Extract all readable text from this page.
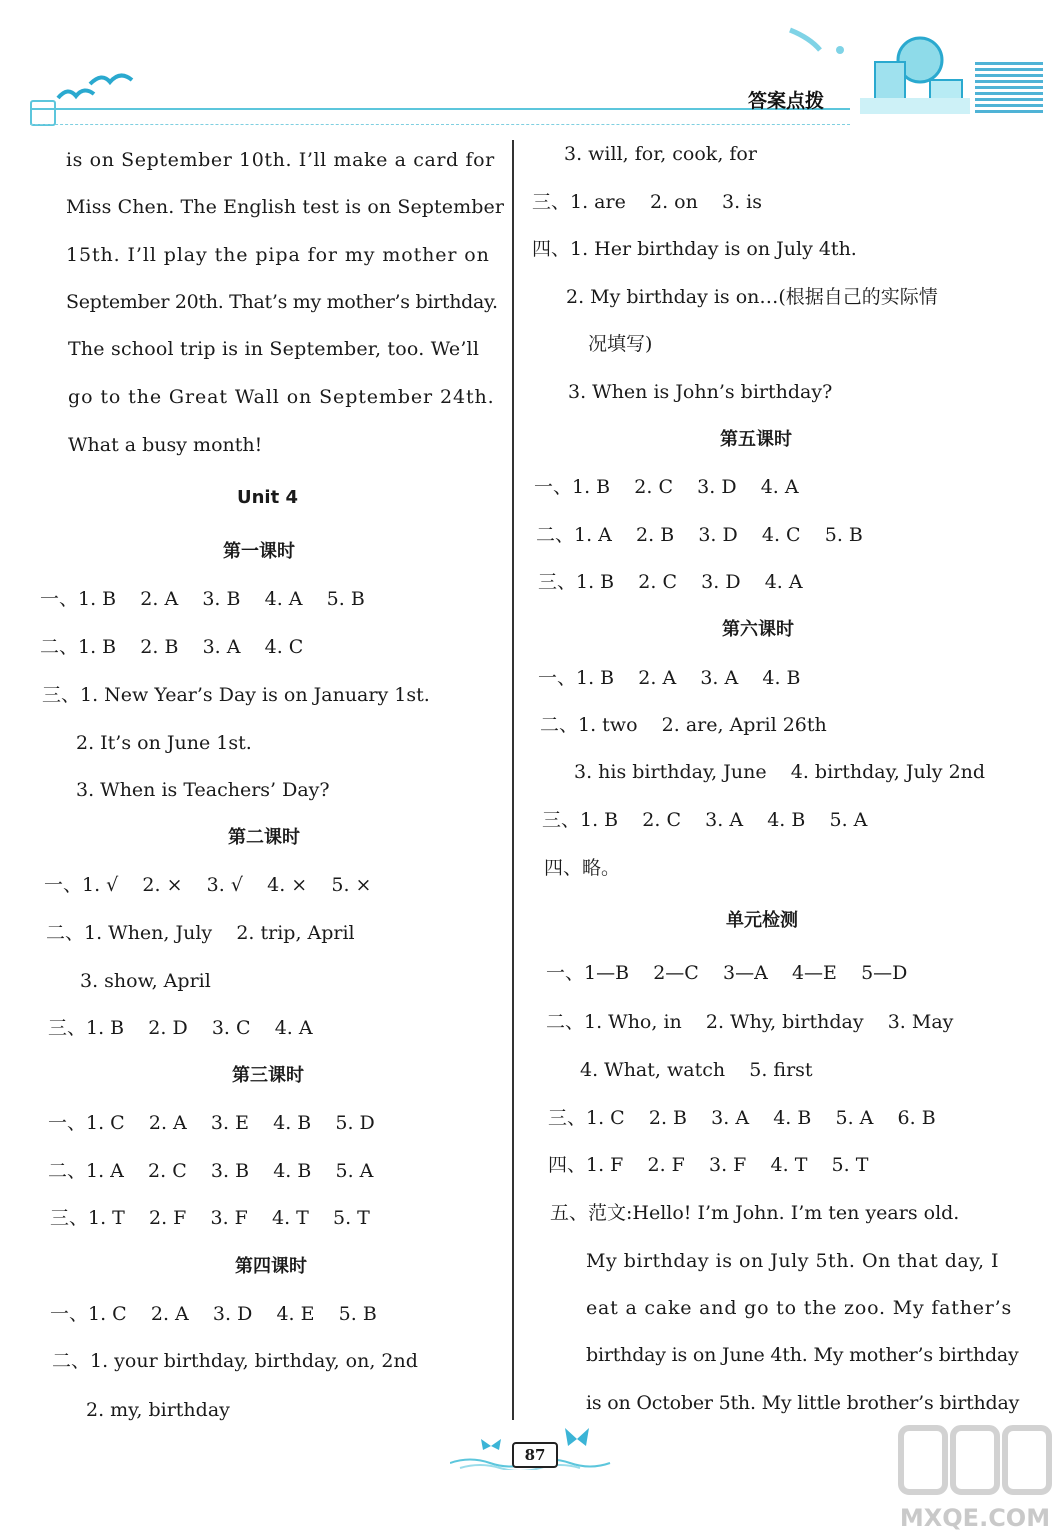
答案点拨
is on September 10th. I’ll make a card for
Miss Chen. The English test is on September
15th. I’ll play the pipa for my mother on
September 20th. That’s my mother’s birthday.
The school trip is in September, too. We’ll
go to the Great Wall on September 24th.
What a busy month!
Unit 4
第一课时
一、1. B    2. A    3. B    4. A    5. B
二、1. B    2. B    3. A    4. C
三、1. New Year’s Day is on January 1st.
2. It’s on June 1st.
3. When is Teachers’ Day?
第二课时
一、1. √    2. ×    3. √    4. ×    5. ×
二、1. When, July    2. trip, April
3. show, April
三、1. B    2. D    3. C    4. A
第三课时
一、1. C    2. A    3. E    4. B    5. D
二、1. A    2. C    3. B    4. B    5. A
三、1. T    2. F    3. F    4. T    5. T
第四课时
一、1. C    2. A    3. D    4. E    5. B
二、1. your birthday, birthday, on, 2nd
2. my, birthday
3. will, for, cook, for
三、1. are    2. on    3. is
四、1. Her birthday is on July 4th.
2. My birthday is on…(根据自己的实际情
况填写)
3. When is John’s birthday?
第五课时
一、1. B    2. C    3. D    4. A
二、1. A    2. B    3. D    4. C    5. B
三、1. B    2. C    3. D    4. A
第六课时
一、1. B    2. A    3. A    4. B
二、1. two    2. are, April 26th
3. his birthday, June    4. birthday, July 2nd
三、1. B    2. C    3. A    4. B    5. A
四、略。
单元检测
一、1—B    2—C    3—A    4—E    5—D
二、1. Who, in    2. Why, birthday    3. May
4. What, watch    5. first
三、1. C    2. B    3. A    4. B    5. A    6. B
四、1. F    2. F    3. F    4. T    5. T
五、范文:Hello! I’m John. I’m ten years old.
My birthday is on July 5th. On that day, I
eat a cake and go to the zoo. My father’s
birthday is on June 4th. My mother’s birthday
is on October 5th. My little brother’s birthday
87
MXQE.COM
